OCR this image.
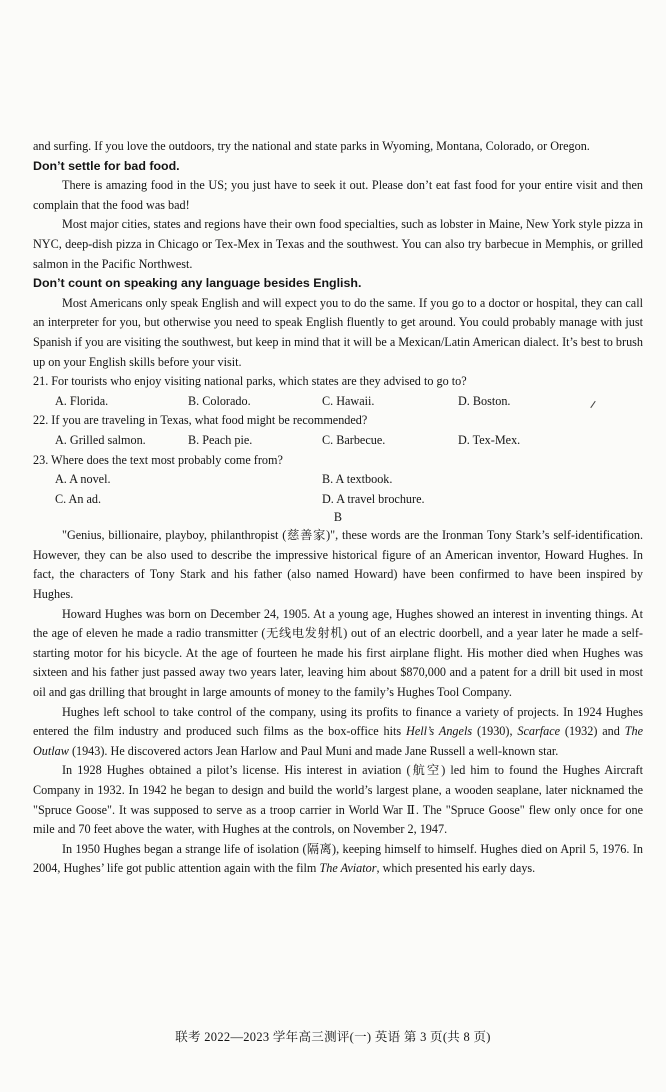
and surfing. If you love the outdoors, try the national and state parks in Wyoming, Montana, Colorado, or Oregon.

Don’t settle for bad food.

There is amazing food in the US; you just have to seek it out. Please don’t eat fast food for your entire visit and then complain that the food was bad!

Most major cities, states and regions have their own food specialties, such as lobster in Maine, New York style pizza in NYC, deep-dish pizza in Chicago or Tex-Mex in Texas and the southwest. You can also try barbecue in Memphis, or grilled salmon in the Pacific Northwest.

Don’t count on speaking any language besides English.

Most Americans only speak English and will expect you to do the same. If you go to a doctor or hospital, they can call an interpreter for you, but otherwise you need to speak English fluently to get around. You could probably manage with just Spanish if you are visiting the southwest, but keep in mind that it will be a Mexican/Latin American dialect. It’s best to brush up on your English skills before your visit.

21. For tourists who enjoy visiting national parks, which states are they advised to go to?

A. Florida.	B. Colorado.	C. Hawaii.	D. Boston.

22. If you are traveling in Texas, what food might be recommended?

A. Grilled salmon.	B. Peach pie.	C. Barbecue.	D. Tex-Mex.

23. Where does the text most probably come from?

A. A novel.	B. A textbook.
C. An ad.	D. A travel brochure.

B

"Genius, billionaire, playboy, philanthropist (慈善家)", these words are the Ironman Tony Stark’s self-identification. However, they can be also used to describe the impressive historical figure of an American inventor, Howard Hughes. In fact, the characters of Tony Stark and his father (also named Howard) have been confirmed to have been inspired by Hughes.

Howard Hughes was born on December 24, 1905. At a young age, Hughes showed an interest in inventing things. At the age of eleven he made a radio transmitter (无线电发射机) out of an electric doorbell, and a year later he made a self-starting motor for his bicycle. At the age of fourteen he made his first airplane flight. His mother died when Hughes was sixteen and his father just passed away two years later, leaving him about $870,000 and a patent for a drill bit used in most oil and gas drilling that brought in large amounts of money to the family’s Hughes Tool Company.

Hughes left school to take control of the company, using its profits to finance a variety of projects. In 1924 Hughes entered the film industry and produced such films as the box-office hits Hell’s Angels (1930), Scarface (1932) and The Outlaw (1943). He discovered actors Jean Harlow and Paul Muni and made Jane Russell a well-known star.

In 1928 Hughes obtained a pilot’s license. His interest in aviation (航空) led him to found the Hughes Aircraft Company in 1932. In 1942 he began to design and build the world’s largest plane, a wooden seaplane, later nicknamed the "Spruce Goose". It was supposed to serve as a troop carrier in World War Ⅱ. The "Spruce Goose" flew only once for one mile and 70 feet above the water, with Hughes at the controls, on November 2, 1947.

In 1950 Hughes began a strange life of isolation (隔离), keeping himself to himself. Hughes died on April 5, 1976. In 2004, Hughes’ life got public attention again with the film The Aviator, which presented his early days.

联考 2022—2023 学年高三测评(一) 英语 第 3 页(共 8 页)
